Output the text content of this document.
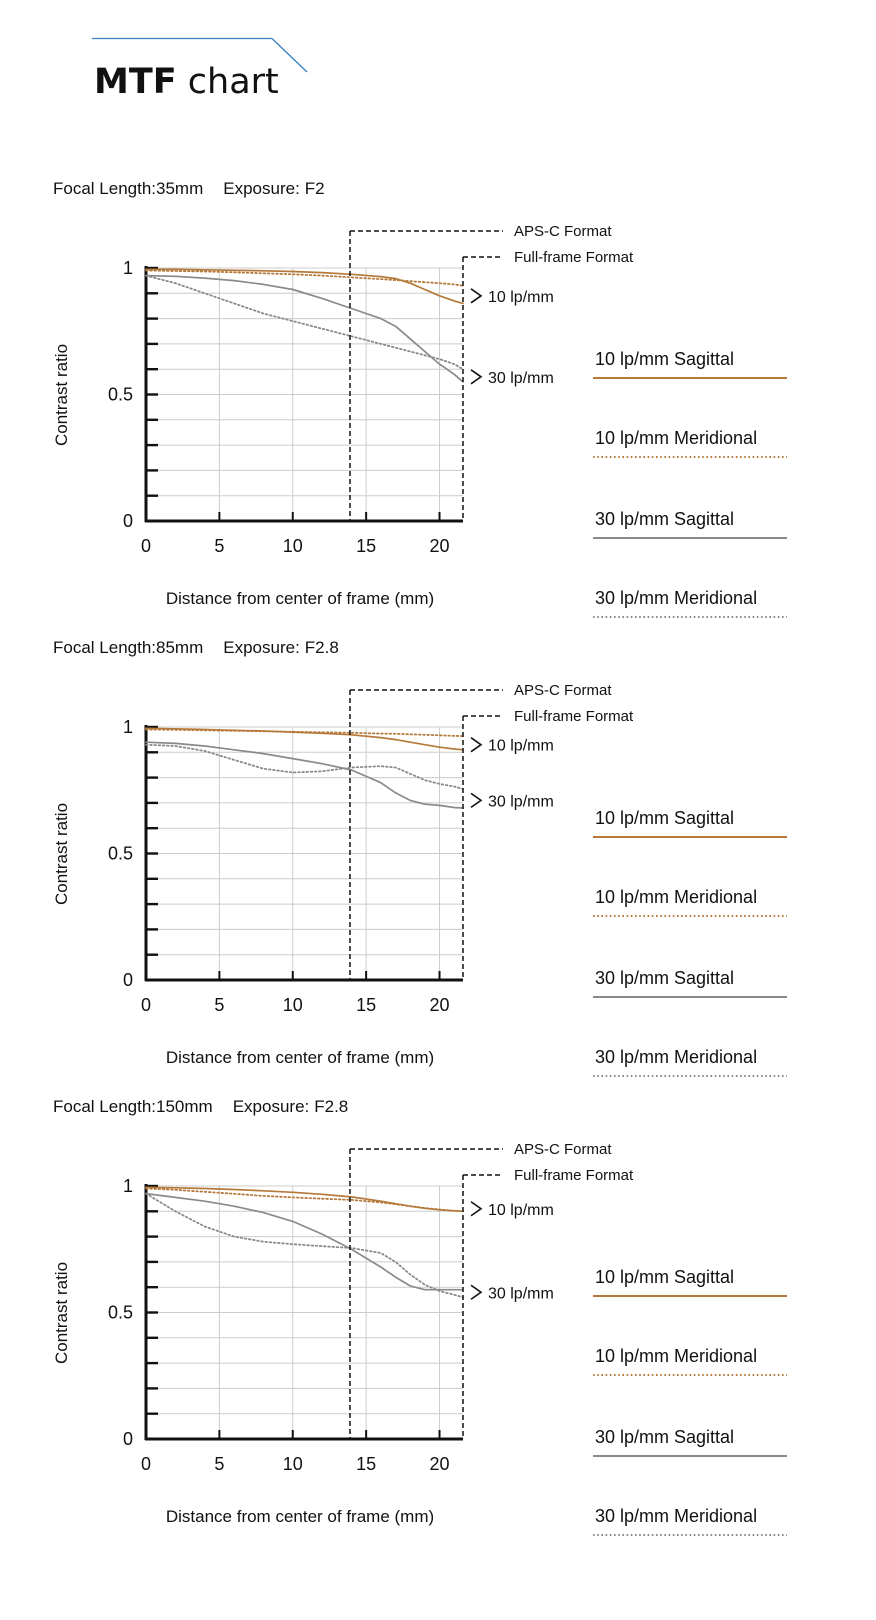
MTF chart
Focal Length:35mm Exposure: F2
0
0.5
1
0	5	10	15	20
Distance from center of frame (mm)
Contrast ratio
APS-C Format
Full-frame Format
10 lp/mm
30 lp/mm
10 lp/mm Sagittal
10 lp/mm Meridional
30 lp/mm Sagittal
30 lp/mm Meridional
Focal Length:85mm Exposure: F2.8
0
0.5
1
0	5	10	15	20
Distance from center of frame (mm)
Contrast ratio
APS-C Format
Full-frame Format
10 lp/mm
30 lp/mm
10 lp/mm Sagittal
10 lp/mm Meridional
30 lp/mm Sagittal
30 lp/mm Meridional
Focal Length:150mm Exposure: F2.8
0
0.5
1
0	5	10	15	20
Distance from center of frame (mm)
Contrast ratio
APS-C Format
Full-frame Format
10 lp/mm
30 lp/mm
10 lp/mm Sagittal
10 lp/mm Meridional
30 lp/mm Sagittal
30 lp/mm Meridional
